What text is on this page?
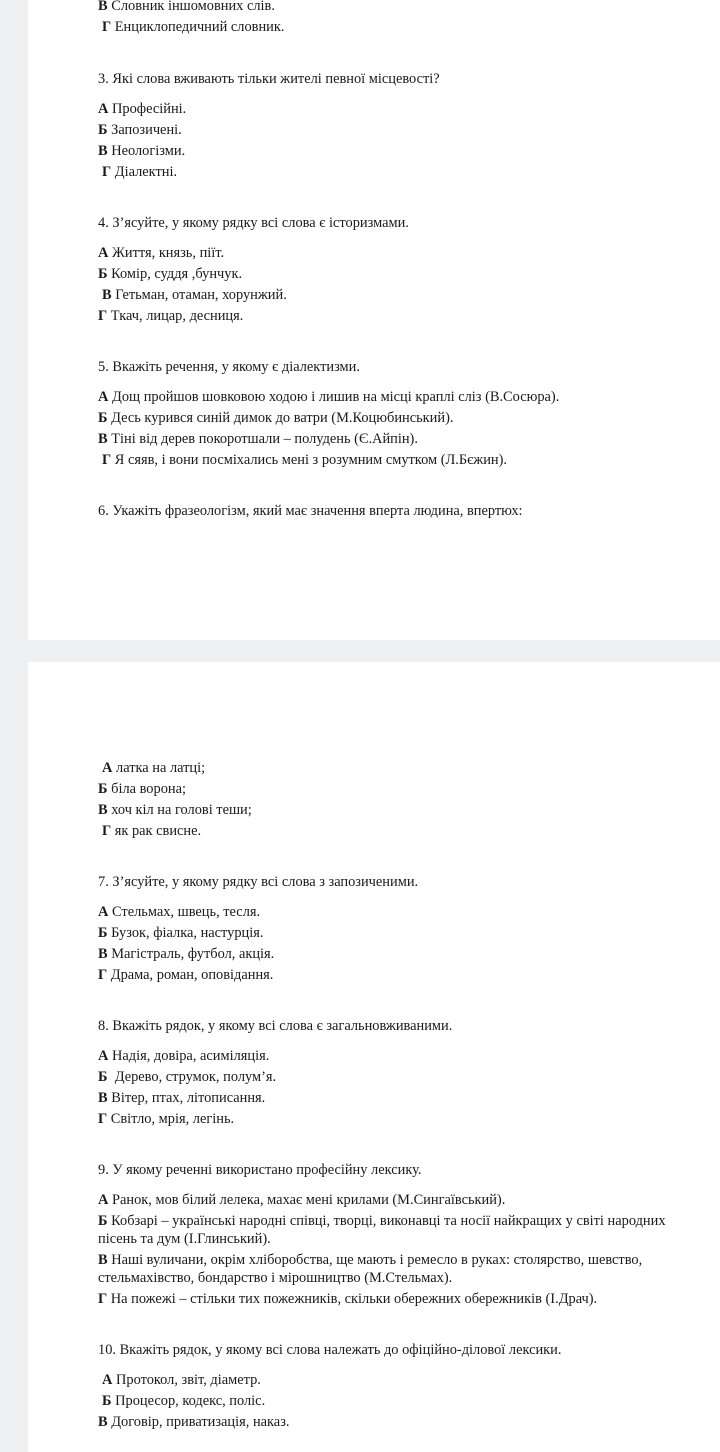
В Словник іншомовних слів.
Г Енциклопедичний словник.
3. Які слова вживають тільки жителі певної місцевості?
А Професійні.
Б Запозичені.
В Неологізми.
Г Діалектні.
4. З’ясуйте, у якому рядку всі слова є історизмами.
А Життя, князь, піїт.
Б Комір, суддя ,бунчук.
В Гетьман, отаман, хорунжий.
Г Ткач, лицар, десниця.
5. Вкажіть речення, у якому є діалектизми.
А Дощ пройшов шовковою ходою і лишив на місці краплі сліз (В.Сосюра).
Б Десь курився синій димок до ватри (М.Коцюбинський).
В Тіні від дерев покоротшали – полудень (Є.Айпін).
Г Я сяяв, і вони посміхались мені з розумним смутком (Л.Бєжин).
6. Укажіть фразеологізм, який має значення вперта людина, впертюх:
А латка на латці;
Б біла ворона;
В хоч кіл на голові теши;
Г як рак свисне.
7. З’ясуйте, у якому рядку всі слова з запозиченими.
А Стельмах, швець, тесля.
Б Бузок, фіалка, настурція.
В Магістраль, футбол, акція.
Г Драма, роман, оповідання.
8. Вкажіть рядок, у якому всі слова є загальновживаними.
А Надія, довіра, асиміляція.
Б  Дерево, струмок, полум’я.
В Вітер, птах, літописання.
Г Світло, мрія, легінь.
9. У якому реченні використано професійну лексику.
А Ранок, мов білий лелека, махає мені крилами (М.Сингаївський).
Б Кобзарі – українські народні співці, творці, виконавці та носії найкращих у світі народних
пісень та дум (І.Глинський).
В Наші вуличани, окрім хліборобства, ще мають і ремесло в руках: столярство, шевство,
стельмахівство, бондарство і мірошництво (М.Стельмах).
Г На пожежі – стільки тих пожежників, скільки обережних обережників (І.Драч).
10. Вкажіть рядок, у якому всі слова належать до офіційно-ділової лексики.
А Протокол, звіт, діаметр.
Б Процесор, кодекс, поліс.
В Договір, приватизація, наказ.
